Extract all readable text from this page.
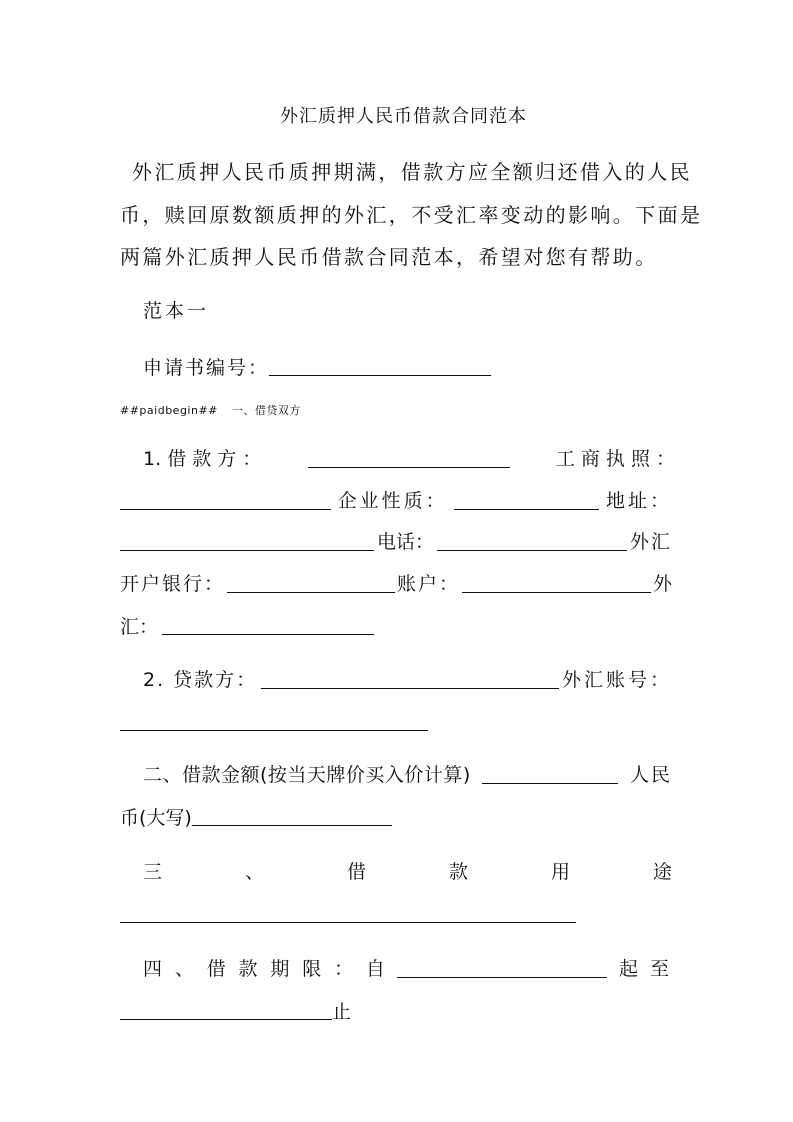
外汇质押人民币借款合同范本
外汇质押人民币质押期满，借款方应全额归还借入的人民
币，赎回原数额质押的外汇，不受汇率变动的影响。下面是
两篇外汇质押人民币借款合同范本，希望对您有帮助。
范本一
申请书编号：
##paidbegin## 一、借贷双方
1. 借 款 方 ：	工 商 执 照 ：
企业性质：	地址：
电话：	外汇
开户银行：	账户：	外
汇：
2. 贷款方：	外汇账号：
二、借款金额(按当天牌价买入价计算)	人民
币(大写)
三	、	借	款	用	途
四 、 借 款 期 限 ： 自	起 至
止
